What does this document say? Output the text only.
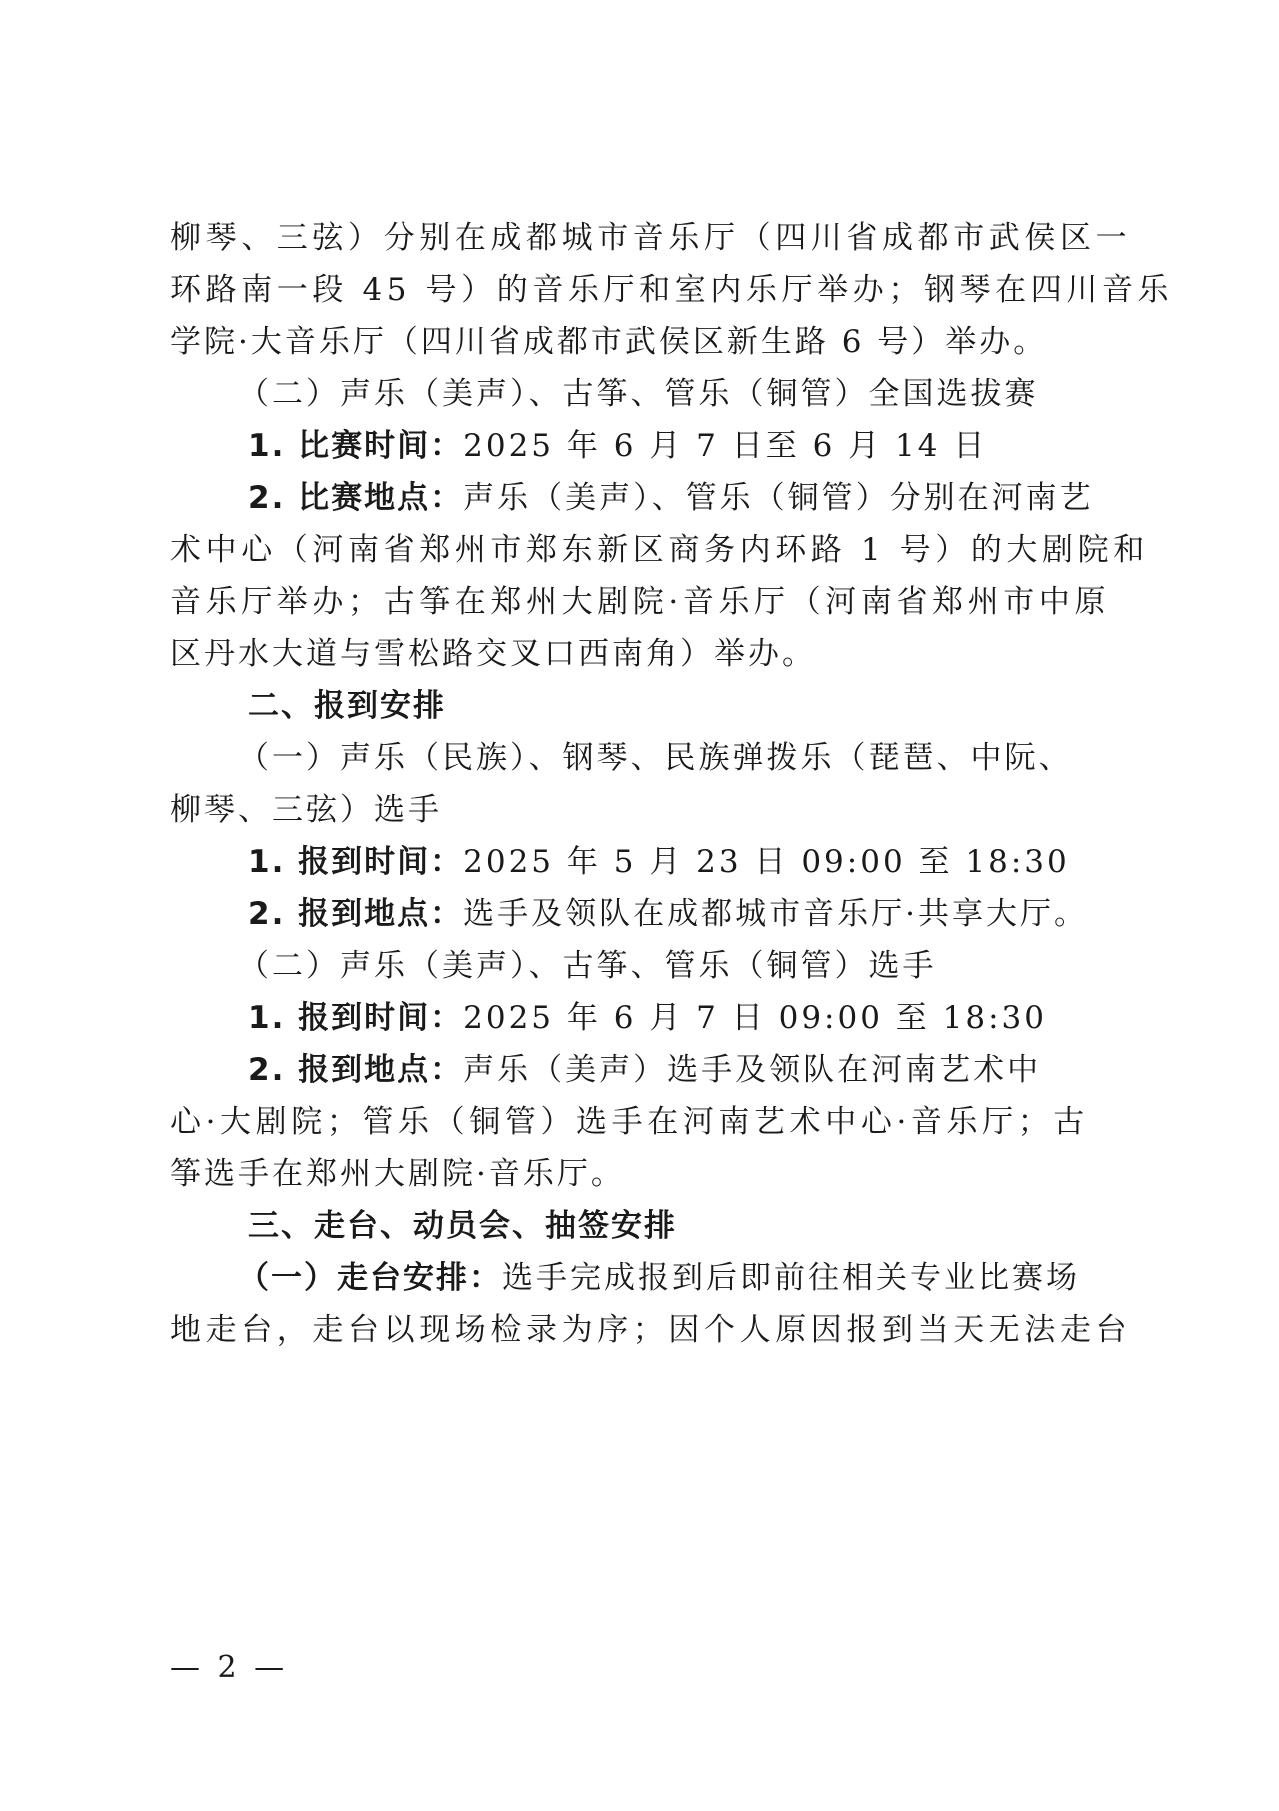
柳琴、三弦）分别在成都城市音乐厅（四川省成都市武侯区一
环路南一段 45 号）的音乐厅和室内乐厅举办；钢琴在四川音乐
学院·大音乐厅（四川省成都市武侯区新生路 6 号）举办。
（二）声乐（美声）、古筝、管乐（铜管）全国选拔赛
1. 比赛时间：2025 年 6 月 7 日至 6 月 14 日
2. 比赛地点：声乐（美声）、管乐（铜管）分别在河南艺
术中心（河南省郑州市郑东新区商务内环路 1 号）的大剧院和
音乐厅举办；古筝在郑州大剧院·音乐厅（河南省郑州市中原
区丹水大道与雪松路交叉口西南角）举办。
二、报到安排
（一）声乐（民族）、钢琴、民族弹拨乐（琵琶、中阮、
柳琴、三弦）选手
1. 报到时间：2025 年 5 月 23 日 09:00 至 18:30
2. 报到地点：选手及领队在成都城市音乐厅·共享大厅。
（二）声乐（美声）、古筝、管乐（铜管）选手
1. 报到时间：2025 年 6 月 7 日 09:00 至 18:30
2. 报到地点：声乐（美声）选手及领队在河南艺术中
心·大剧院；管乐（铜管）选手在河南艺术中心·音乐厅；古
筝选手在郑州大剧院·音乐厅。
三、走台、动员会、抽签安排
（一）走台安排：选手完成报到后即前往相关专业比赛场
地走台，走台以现场检录为序；因个人原因报到当天无法走台
— 2 —
